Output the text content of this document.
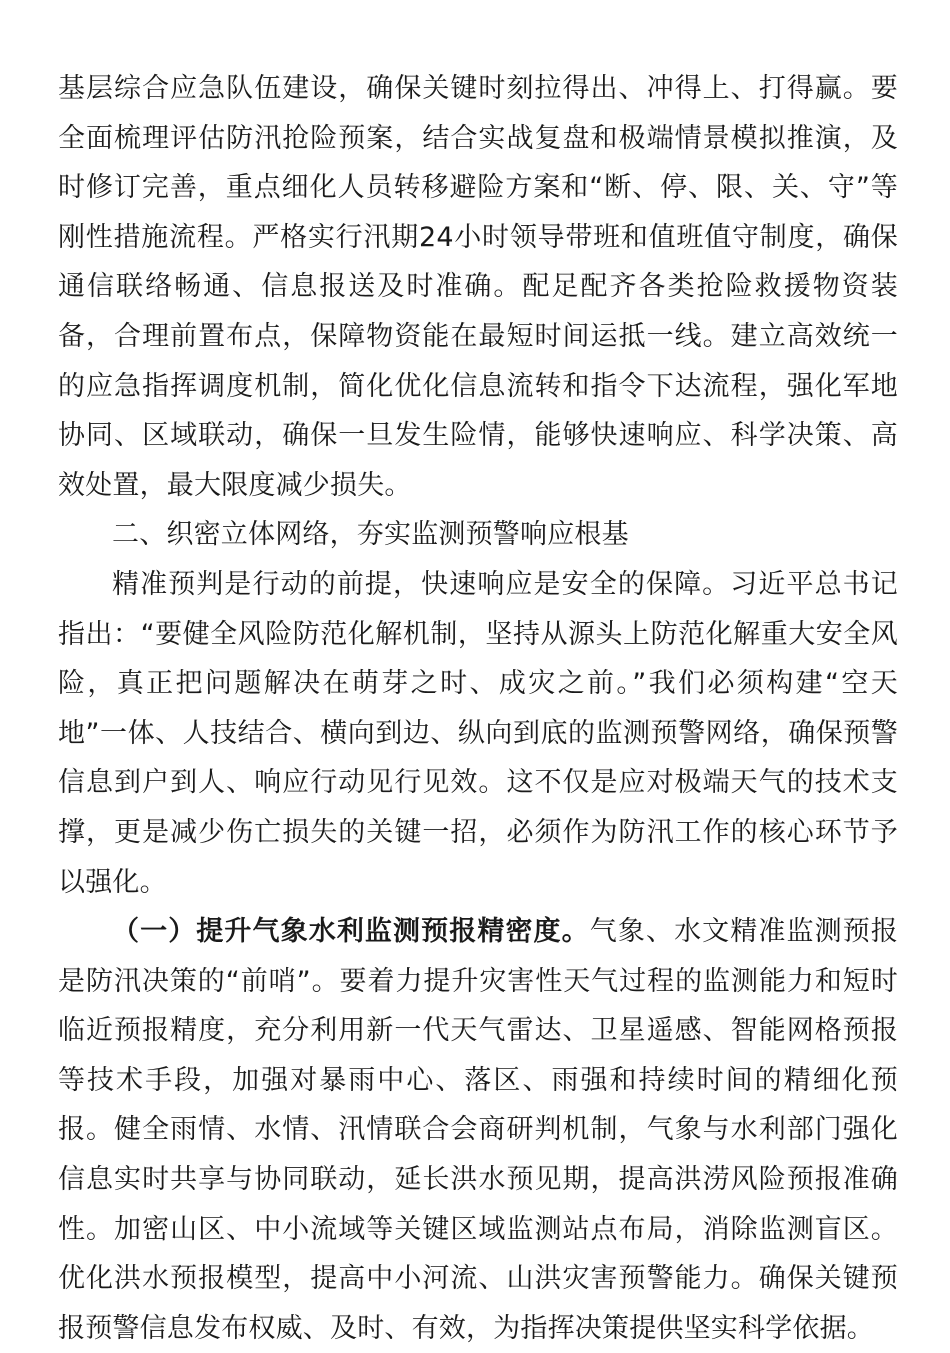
基层综合应急队伍建设，确保关键时刻拉得出、冲得上、打得赢。要全面梳理评估防汛抢险预案，结合实战复盘和极端情景模拟推演，及时修订完善，重点细化人员转移避险方案和“断、停、限、关、守”等刚性措施流程。严格实行汛期24小时领导带班和值班值守制度，确保通信联络畅通、信息报送及时准确。配足配齐各类抢险救援物资装备，合理前置布点，保障物资能在最短时间运抵一线。建立高效统一的应急指挥调度机制，简化优化信息流转和指令下达流程，强化军地协同、区域联动，确保一旦发生险情，能够快速响应、科学决策、高效处置，最大限度减少损失。

二、织密立体网络，夯实监测预警响应根基

精准预判是行动的前提，快速响应是安全的保障。习近平总书记指出：“要健全风险防范化解机制，坚持从源头上防范化解重大安全风险，真正把问题解决在萌芽之时、成灾之前。”我们必须构建“空天地”一体、人技结合、横向到边、纵向到底的监测预警网络，确保预警信息到户到人、响应行动见行见效。这不仅是应对极端天气的技术支撑，更是减少伤亡损失的关键一招，必须作为防汛工作的核心环节予以强化。

（一）提升气象水利监测预报精密度。气象、水文精准监测预报是防汛决策的“前哨”。要着力提升灾害性天气过程的监测能力和短时临近预报精度，充分利用新一代天气雷达、卫星遥感、智能网格预报等技术手段，加强对暴雨中心、落区、雨强和持续时间的精细化预报。健全雨情、水情、汛情联合会商研判机制，气象与水利部门强化信息实时共享与协同联动，延长洪水预见期，提高洪涝风险预报准确性。加密山区、中小流域等关键区域监测站点布局，消除监测盲区。优化洪水预报模型，提高中小河流、山洪灾害预警能力。确保关键预报预警信息发布权威、及时、有效，为指挥决策提供坚实科学依据。
